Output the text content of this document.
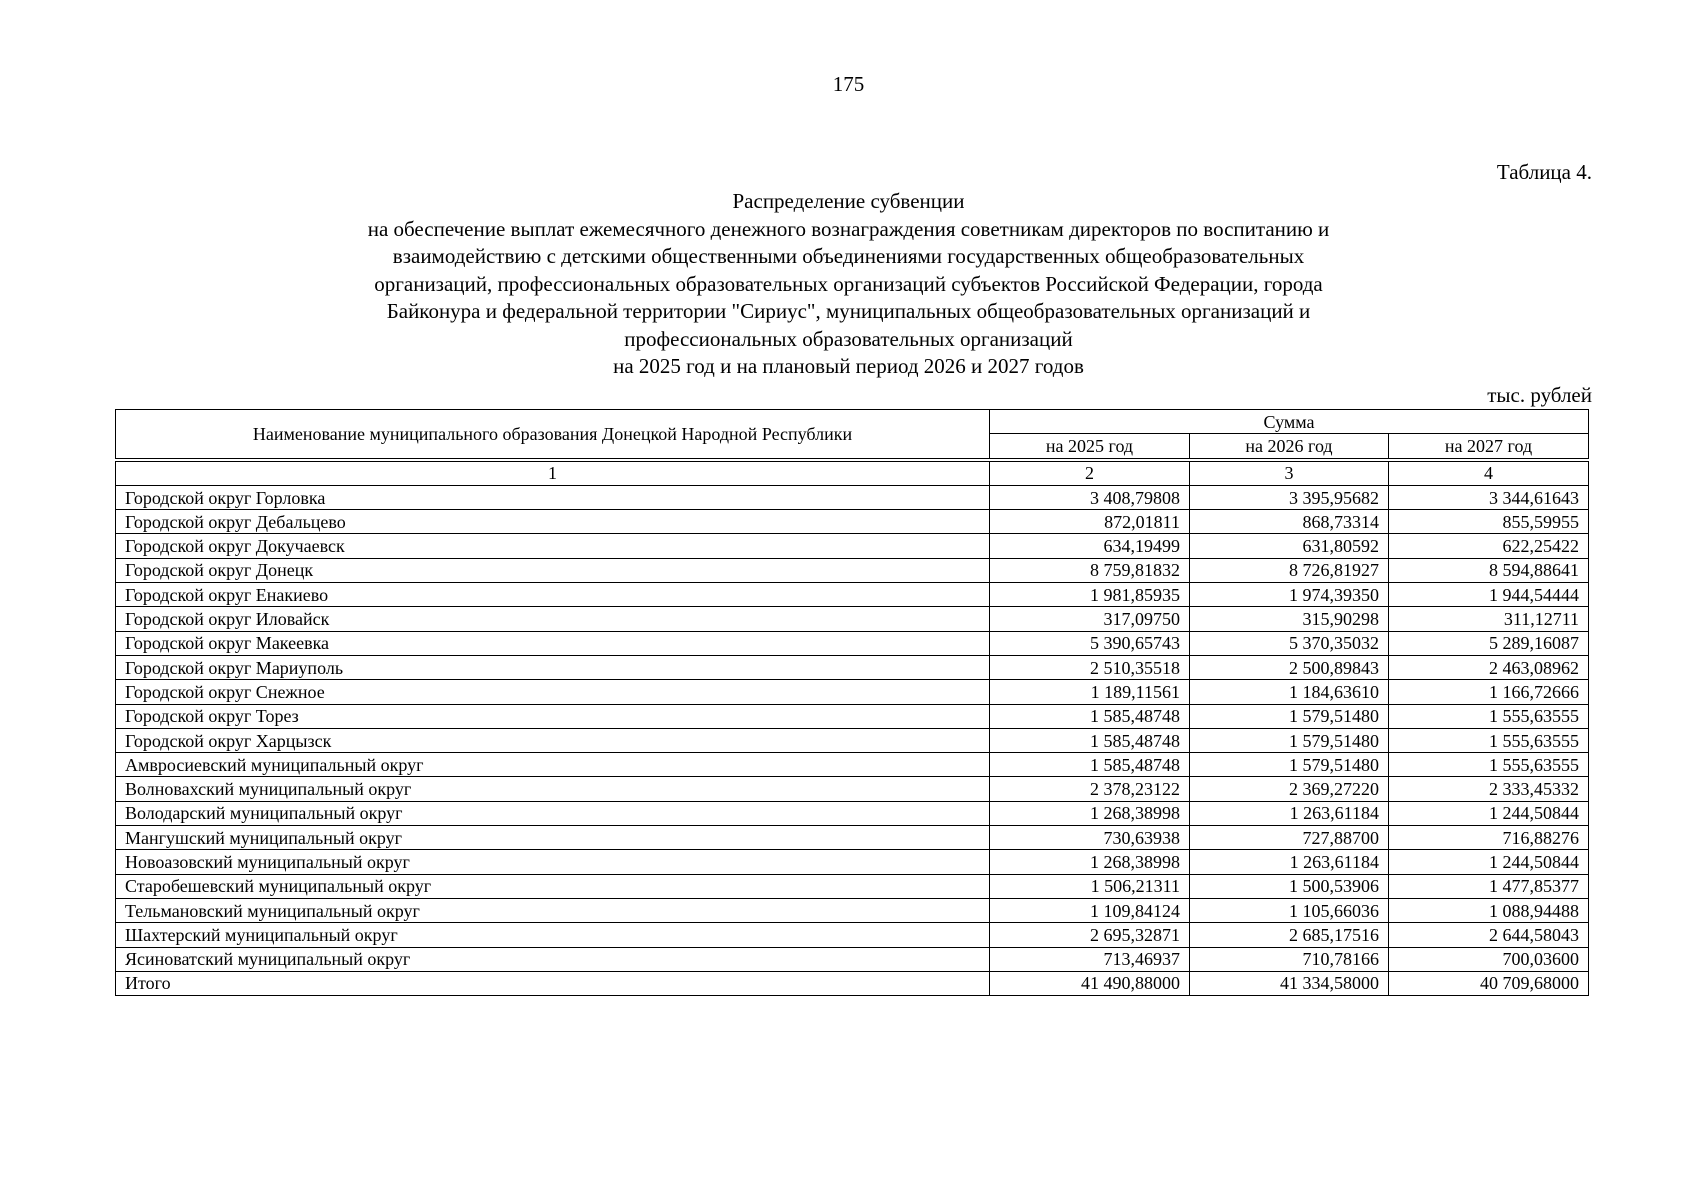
175
Таблица 4.
Распределение субвенции
на обеспечение выплат ежемесячного денежного вознаграждения советникам директоров по воспитанию и
взаимодействию с детскими общественными объединениями государственных общеобразовательных
организаций, профессиональных образовательных организаций субъектов Российской Федерации, города
Байконура и федеральной территории "Сириус", муниципальных общеобразовательных организаций и
профессиональных образовательных организаций
на 2025 год и на плановый период 2026 и 2027 годов
тыс. рублей
Наименование муниципального образования Донецкой Народной Республики	Сумма		
	на 2025 год	на 2026 год	на 2027 год

1	2	3	4
Городской округ Горловка	3 408,79808	3 395,95682	3 344,61643
Городской округ Дебальцево	872,01811	868,73314	855,59955
Городской округ Докучаевск	634,19499	631,80592	622,25422
Городской округ Донецк	8 759,81832	8 726,81927	8 594,88641
Городской округ Енакиево	1 981,85935	1 974,39350	1 944,54444
Городской округ Иловайск	317,09750	315,90298	311,12711
Городской округ Макеевка	5 390,65743	5 370,35032	5 289,16087
Городской округ Мариуполь	2 510,35518	2 500,89843	2 463,08962
Городской округ Снежное	1 189,11561	1 184,63610	1 166,72666
Городской округ Торез	1 585,48748	1 579,51480	1 555,63555
Городской округ Харцызск	1 585,48748	1 579,51480	1 555,63555
Амвросиевский муниципальный округ	1 585,48748	1 579,51480	1 555,63555
Волновахский муниципальный округ	2 378,23122	2 369,27220	2 333,45332
Володарский муниципальный округ	1 268,38998	1 263,61184	1 244,50844
Мангушский муниципальный округ	730,63938	727,88700	716,88276
Новоазовский муниципальный округ	1 268,38998	1 263,61184	1 244,50844
Старобешевский муниципальный округ	1 506,21311	1 500,53906	1 477,85377
Тельмановский муниципальный округ	1 109,84124	1 105,66036	1 088,94488
Шахтерский муниципальный округ	2 695,32871	2 685,17516	2 644,58043
Ясиноватский муниципальный округ	713,46937	710,78166	700,03600
Итого	41 490,88000	41 334,58000	40 709,68000
